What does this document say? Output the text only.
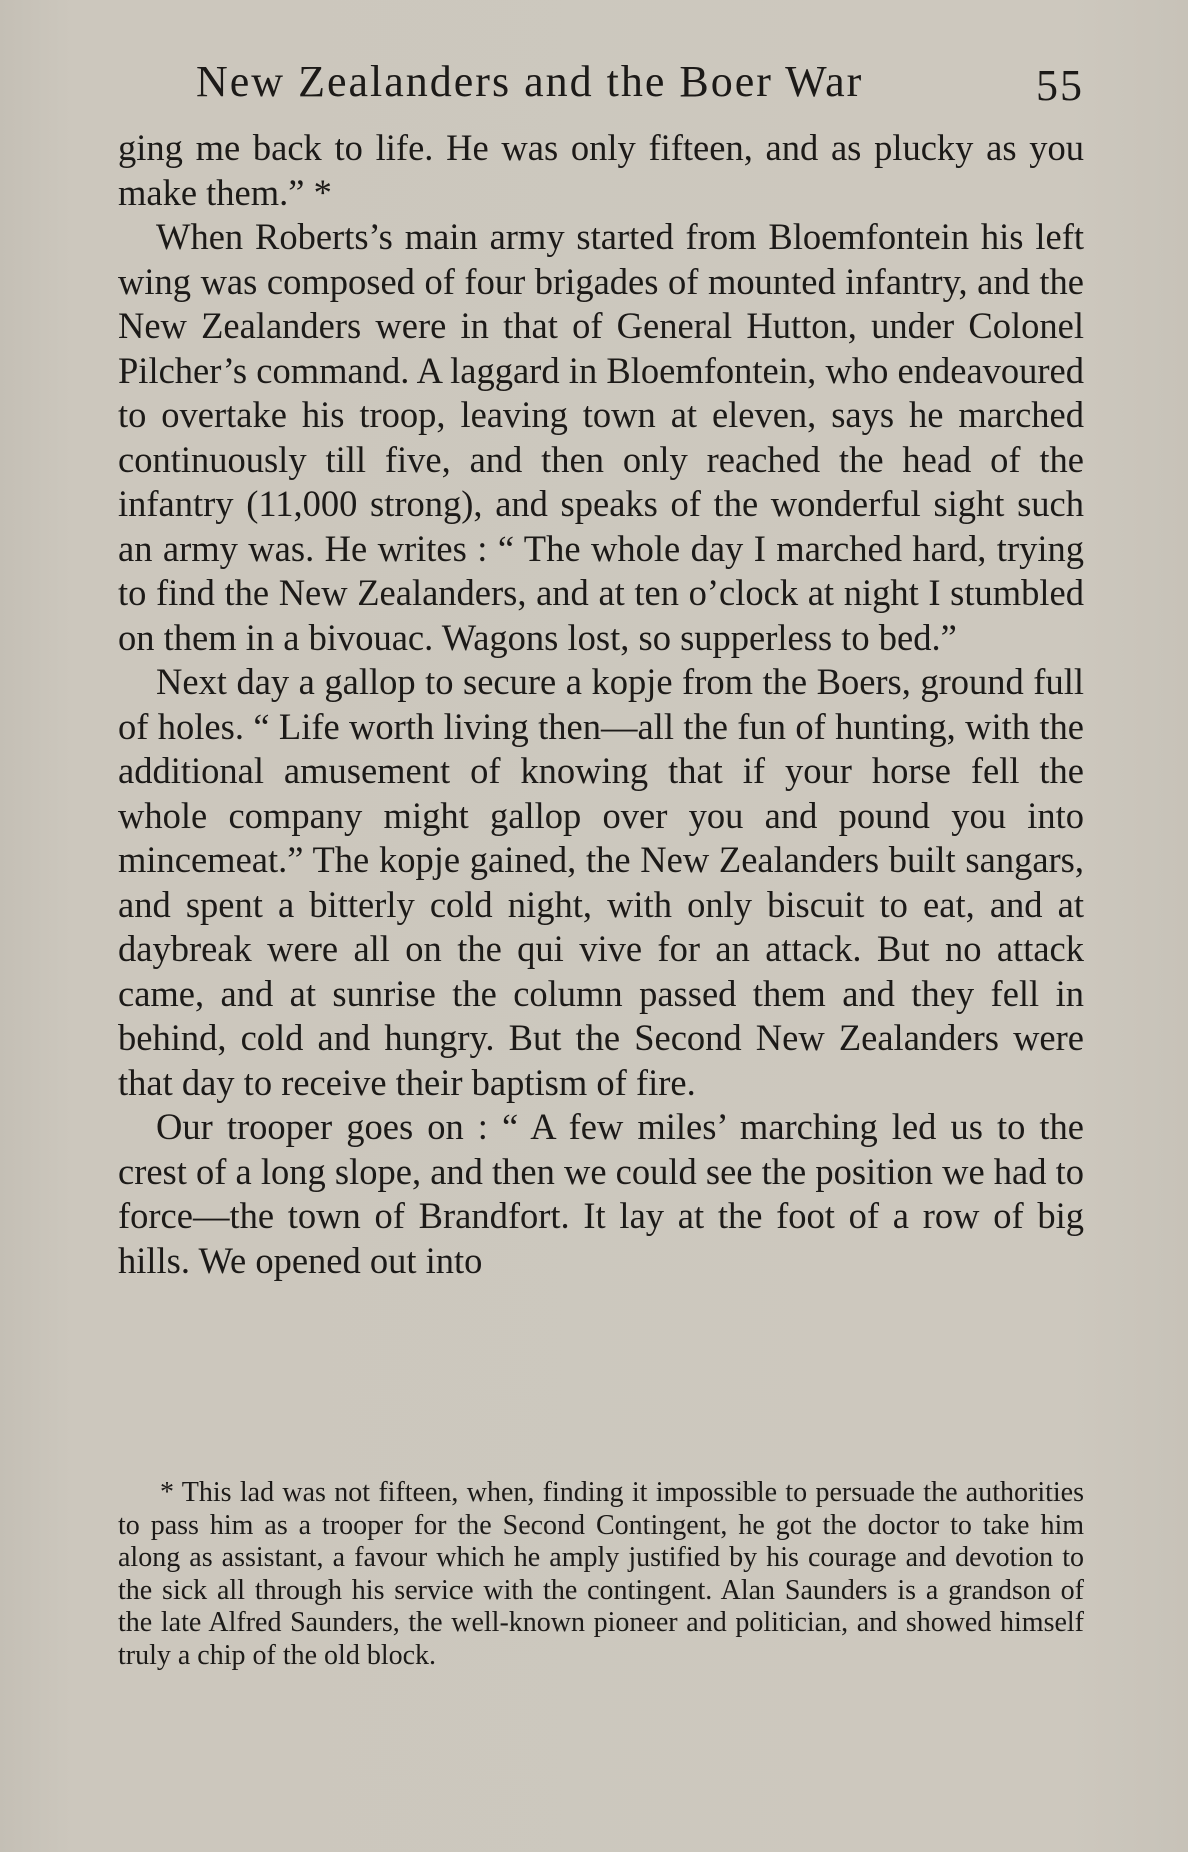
New Zealanders and the Boer War	55

ging me back to life. He was only fifteen, and as plucky as you make them.” *

When Roberts’s main army started from Bloemfontein his left wing was composed of four brigades of mounted infantry, and the New Zealanders were in that of General Hutton, under Colonel Pilcher’s command. A laggard in Bloemfontein, who endeavoured to overtake his troop, leaving town at eleven, says he marched continuously till five, and then only reached the head of the infantry (11,000 strong), and speaks of the wonderful sight such an army was. He writes : “ The whole day I marched hard, trying to find the New Zealanders, and at ten o’clock at night I stumbled on them in a bivouac. Wagons lost, so supperless to bed.”

Next day a gallop to secure a kopje from the Boers, ground full of holes. “ Life worth living then—all the fun of hunting, with the additional amusement of knowing that if your horse fell the whole company might gallop over you and pound you into mincemeat.” The kopje gained, the New Zealanders built sangars, and spent a bitterly cold night, with only biscuit to eat, and at daybreak were all on the qui vive for an attack. But no attack came, and at sunrise the column passed them and they fell in behind, cold and hungry. But the Second New Zealanders were that day to receive their baptism of fire.

Our trooper goes on : “ A few miles’ marching led us to the crest of a long slope, and then we could see the position we had to force—the town of Brandfort. It lay at the foot of a row of big hills. We opened out into

* This lad was not fifteen, when, finding it impossible to persuade the authorities to pass him as a trooper for the Second Contingent, he got the doctor to take him along as assistant, a favour which he amply justified by his courage and devotion to the sick all through his service with the contingent. Alan Saunders is a grandson of the late Alfred Saunders, the well-known pioneer and politician, and showed himself truly a chip of the old block.
